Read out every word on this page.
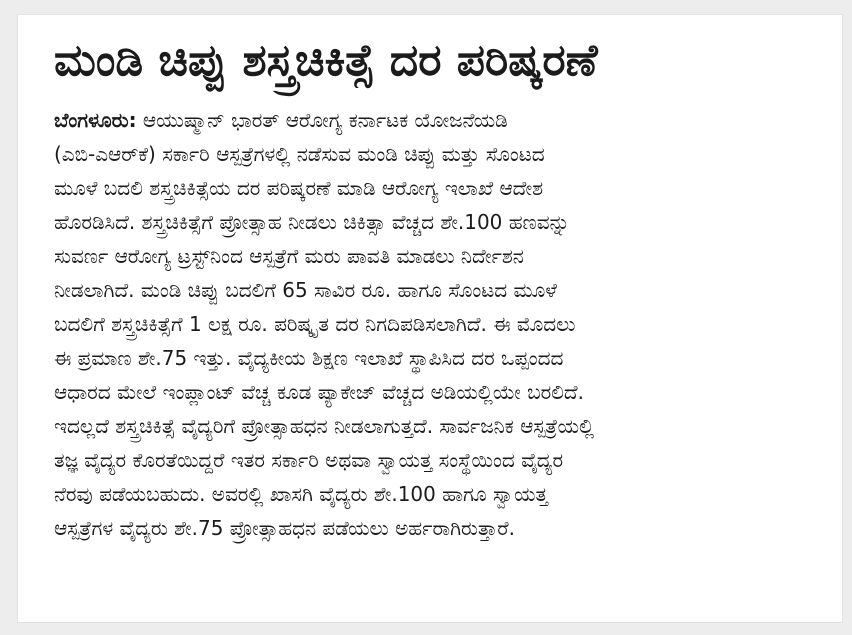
ಮಂಡಿ ಚಿಪ್ಪು ಶಸ್ತ್ರಚಿಕಿತ್ಸೆ ದರ ಪರಿಷ್ಕರಣೆ
ಬೆಂಗಳೂರು: ಆಯುಷ್ಮಾನ್ ಭಾರತ್ ಆರೋಗ್ಯ ಕರ್ನಾಟಕ ಯೋಜನೆಯಡಿ
(ಎಬಿ-ಎಆರ್‌ಕೆ) ಸರ್ಕಾರಿ ಆಸ್ಪತ್ರೆಗಳಲ್ಲಿ ನಡೆಸುವ ಮಂಡಿ ಚಿಪ್ಪು ಮತ್ತು ಸೊಂಟದ
ಮೂಳೆ ಬದಲಿ ಶಸ್ತ್ರಚಿಕಿತ್ಸೆಯ ದರ ಪರಿಷ್ಕರಣೆ ಮಾಡಿ ಆರೋಗ್ಯ ಇಲಾಖೆ ಆದೇಶ
ಹೊರಡಿಸಿದೆ. ಶಸ್ತ್ರಚಿಕಿತ್ಸೆಗೆ ಪ್ರೋತ್ಸಾಹ ನೀಡಲು ಚಿಕಿತ್ಸಾ ವೆಚ್ಚದ ಶೇ.100 ಹಣವನ್ನು
ಸುವರ್ಣ ಆರೋಗ್ಯ ಟ್ರಸ್ಟ್‌ನಿಂದ ಆಸ್ಪತ್ರೆಗೆ ಮರು ಪಾವತಿ ಮಾಡಲು ನಿರ್ದೇಶನ
ನೀಡಲಾಗಿದೆ. ಮಂಡಿ ಚಿಪ್ಪು ಬದಲಿಗೆ 65 ಸಾವಿರ ರೂ. ಹಾಗೂ ಸೊಂಟದ ಮೂಳೆ
ಬದಲಿಗೆ ಶಸ್ತ್ರಚಿಕಿತ್ಸೆಗೆ 1 ಲಕ್ಷ ರೂ. ಪರಿಷ್ಕೃತ ದರ ನಿಗದಿಪಡಿಸಲಾಗಿದೆ. ಈ ಮೊದಲು
ಈ ಪ್ರಮಾಣ ಶೇ.75 ಇತ್ತು. ವೈದ್ಯಕೀಯ ಶಿಕ್ಷಣ ಇಲಾಖೆ ಸ್ಥಾಪಿಸಿದ ದರ ಒಪ್ಪಂದದ
ಆಧಾರದ ಮೇಲೆ ಇಂಪ್ಲಾಂಟ್ ವೆಚ್ಚ ಕೂಡ ಪ್ಯಾಕೇಜ್ ವೆಚ್ಚದ ಅಡಿಯಲ್ಲಿಯೇ ಬರಲಿದೆ.
ಇದಲ್ಲದೆ ಶಸ್ತ್ರಚಿಕಿತ್ಸೆ ವೈದ್ಯರಿಗೆ ಪ್ರೋತ್ಸಾಹಧನ ನೀಡಲಾಗುತ್ತದೆ. ಸಾರ್ವಜನಿಕ ಆಸ್ಪತ್ರೆಯಲ್ಲಿ
ತಜ್ಞ ವೈದ್ಯರ ಕೊರತೆಯಿದ್ದರೆ ಇತರ ಸರ್ಕಾರಿ ಅಥವಾ ಸ್ವಾಯತ್ತ ಸಂಸ್ಥೆಯಿಂದ ವೈದ್ಯರ
ನೆರವು ಪಡೆಯಬಹುದು. ಅವರಲ್ಲಿ ಖಾಸಗಿ ವೈದ್ಯರು ಶೇ.100 ಹಾಗೂ ಸ್ವಾಯತ್ತ
ಆಸ್ಪತ್ರೆಗಳ ವೈದ್ಯರು ಶೇ.75 ಪ್ರೋತ್ಸಾಹಧನ ಪಡೆಯಲು ಅರ್ಹರಾಗಿರುತ್ತಾರೆ.
